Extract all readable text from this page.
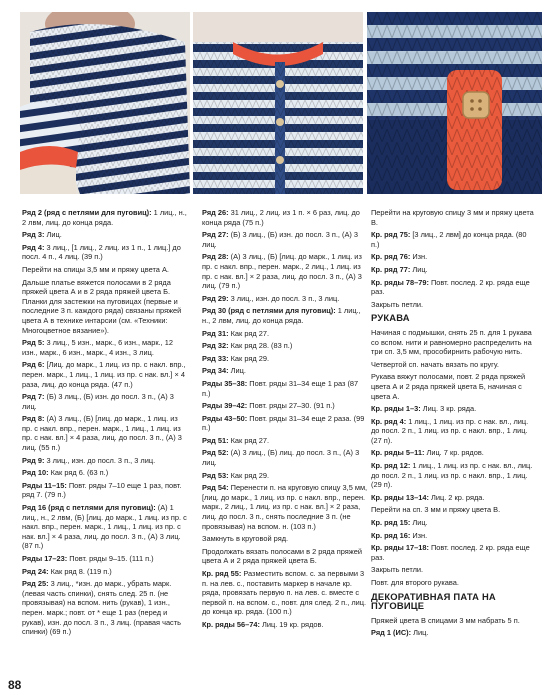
Ряд 2 (ряд с петлями для пуговиц): 1 лиц., н., 2 лвм, лиц. до конца ряда.

Ряд 3: Лиц.

Ряд 4: 3 лиц., [1 лиц., 2 лиц. из 1 п., 1 лиц.] до посл. 4 п., 4 лиц. (39 п.)

Перейти на спицы 3,5 мм и пряжу цвета А.

Дальше платье вяжется полосами в 2 ряда пряжей цвета А и в 2 ряда пряжей цвета Б. Планки для застежки на пуговицах (первые и последние 3 п. каждого ряда) связаны пряжей цвета А в технике интарсии (см. «Техники: Многоцветное вязание»).

Ряд 5: 3 лиц., 5 изн., марк., 6 изн., марк., 12 изн., марк., 6 изн., марк., 4 изн., 3 лиц.

Ряд 6: [Лиц. до марк., 1 лиц. из пр. с накл. впр., перен. марк., 1 лиц., 1 лиц. из пр. с нак. вл.] × 4 раза, лиц. до конца ряда. (47 п.)

Ряд 7: (Б) 3 лиц., (Б) изн. до посл. 3 п., (А) 3 лиц.

Ряд 8: (А) 3 лиц., (Б) [лиц. до марк., 1 лиц. из пр. с накл. впр., перен. марк., 1 лиц., 1 лиц. из пр. с нак. вл.] × 4 раза, лиц. до посл. 3 п., (А) 3 лиц. (55 п.)

Ряд 9: 3 лиц., изн. до посл. 3 п., 3 лиц.

Ряд 10: Как ряд 6. (63 п.)

Ряды 11–15: Повт. ряды 7–10 еще 1 раз, повт. ряд 7. (79 п.)

Ряд 16 (ряд с петлями для пуговиц): (А) 1 лиц., н., 2 лвм, (Б) [лиц. до марк., 1 лиц. из пр. с накл. впр., перен. марк., 1 лиц., 1 лиц. из пр. с нак. вл.] × 4 раза, лиц. до посл. 3 п., (А) 3 лиц. (87 п.)

Ряды 17–23: Повт. ряды 9–15. (111 п.)

Ряд 24: Как ряд 8. (119 п.)

Ряд 25: 3 лиц., *изн. до марк., убрать марк. (левая часть спинки), снять след. 25 п. (не провязывая) на вспом. нить (рукав), 1 изн., перен. марк.; повт. от * еще 1 раз (перед и рукав), изн. до посл. 3 п., 3 лиц. (правая часть спинки) (69 п.)

Ряд 26: 31 лиц., 2 лиц. из 1 п. × 6 раз, лиц. до конца ряда (75 п.)

Ряд 27: (Б) 3 лиц., (Б) изн. до посл. 3 п., (А) 3 лиц.

Ряд 28: (А) 3 лиц., (Б) [лиц. до марк., 1 лиц. из пр. с накл. впр., перен. марк., 2 лиц., 1 лиц. из пр. с нак. вл.] × 2 раза, лиц. до посл. 3 п., (А) 3 лиц. (79 п.)

Ряд 29: 3 лиц., изн. до посл. 3 п., 3 лиц.

Ряд 30 (ряд с петлями для пуговиц): 1 лиц., н., 2 лвм, лиц. до конца ряда.

Ряд 31: Как ряд 27.

Ряд 32: Как ряд 28. (83 п.)

Ряд 33: Как ряд 29.

Ряд 34: Лиц.

Ряды 35–38: Повт. ряды 31–34 еще 1 раз (87 п.)

Ряды 39–42: Повт. ряды 27–30. (91 п.)

Ряды 43–50: Повт. ряды 31–34 еще 2 раза. (99 п.)

Ряд 51: Как ряд 27.

Ряд 52: (А) 3 лиц., (Б) лиц. до посл. 3 п., (А) 3 лиц.

Ряд 53: Как ряд 29.

Ряд 54: Перенести п. на круговую спицу 3,5 мм, [лиц. до марк., 1 лиц. из пр. с накл. впр., перен. марк., 2 лиц., 1 лиц. из пр. с нак. вл.] × 2 раза, лиц. до посл. 3 п., снять последние 3 п. (не провязывая) на вспом. н. (103 п.)

Замкнуть в круговой ряд.

Продолжать вязать полосами в 2 ряда пряжей цвета А и 2 ряда пряжей цвета Б.

Кр. ряд 55: Разместить вспом. с. за первыми 3 п. на лев. с., поставить маркер в начале кр. ряда, провязать первую п. на лев. с. вместе с первой п. на вспом. с., повт. для след. 2 п., лиц. до конца кр. ряда. (100 п.)

Кр. ряды 56–74: Лиц. 19 кр. рядов.

Перейти на круговую спицу 3 мм и пряжу цвета В.

Кр. ряд 75: [3 лиц., 2 лвм] до конца ряда. (80 п.)

Кр. ряд 76: Изн.

Кр. ряд 77: Лиц.

Кр. ряды 78–79: Повт. послед. 2 кр. ряда еще раз.

Закрыть петли.

РУКАВА

Начиная с подмышки, снять 25 п. для 1 рукава со вспом. нити и равномерно распределить на три сп. 3,5 мм, прособирнить рабочую нить.

Четвертой сп. начать вязать по кругу.

Рукава вяжут полосами, повт. 2 ряда пряжей цвета А и 2 ряда пряжей цвета Б, начиная с цвета А.

Кр. ряды 1–3: Лиц. 3 кр. ряда.

Кр. ряд 4: 1 лиц., 1 лиц. из пр. с нак. вл., лиц. до посл. 2 п., 1 лиц. из пр. с накл. впр., 1 лиц. (27 п).

Кр. ряды 5–11: Лиц. 7 кр. рядов.

Кр. ряд 12: 1 лиц., 1 лиц. из пр. с нак. вл., лиц. до посл. 2 п., 1 лиц. из пр. с накл. впр., 1 лиц. (29 п).

Кр. ряды 13–14: Лиц. 2 кр. ряда.

Перейти на сп. 3 мм и пряжу цвета В.

Кр. ряд 15: Лиц.

Кр. ряд 16: Изн.

Кр. ряды 17–18: Повт. послед. 2 кр. ряда еще раз.

Закрыть петли.

Повт. для второго рукава.

ДЕКОРАТИВНАЯ ПАТА НА ПУГОВИЦЕ

Пряжей цвета В спицами 3 мм набрать 5 п.

Ряд 1 (ИС): Лиц.

88
